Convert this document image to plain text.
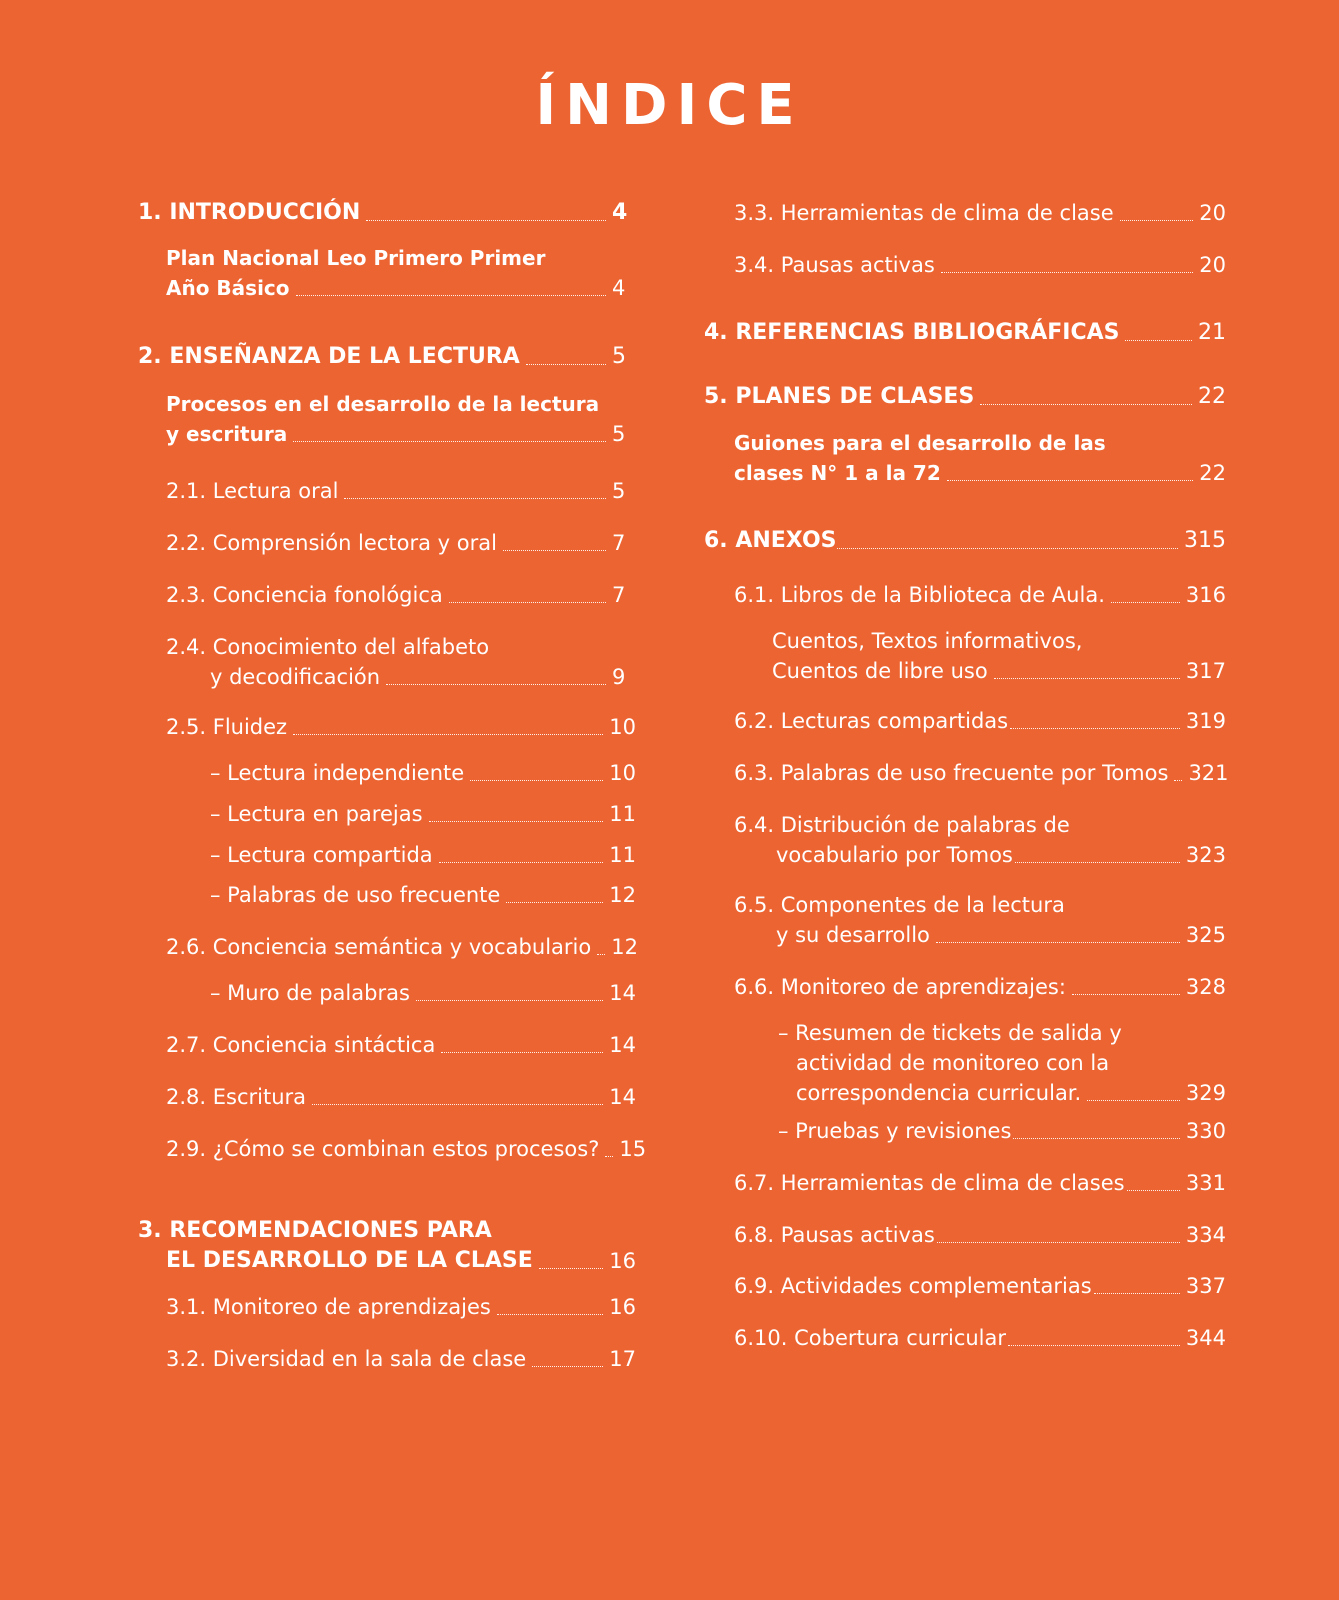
ÍNDICE
1. INTRODUCCIÓN	4
Plan Nacional Leo Primero Primer
Año Básico	4
2. ENSEÑANZA DE LA LECTURA	5
Procesos en el desarrollo de la lectura
y escritura	5
2.1. Lectura oral	5
2.2. Comprensión lectora y oral	7
2.3. Conciencia fonológica	7
2.4. Conocimiento del alfabeto
y decodificación	9
2.5. Fluidez	10
– Lectura independiente	10
– Lectura en parejas	11
– Lectura compartida	11
– Palabras de uso frecuente	12
2.6. Conciencia semántica y vocabulario 12
– Muro de palabras	14
2.7. Conciencia sintáctica	14
2.8. Escritura	14
2.9. ¿Cómo se combinan estos procesos? 15
3. RECOMENDACIONES PARA
EL DESARROLLO DE LA CLASE	16
3.1. Monitoreo de aprendizajes	16
3.2. Diversidad en la sala de clase	17
3.3. Herramientas de clima de clase	20
3.4. Pausas activas	20
4. REFERENCIAS BIBLIOGRÁFICAS	21
5. PLANES DE CLASES	22
Guiones para el desarrollo de las
clases N° 1 a la 72	22
6. ANEXOS	315
6.1. Libros de la Biblioteca de Aula.	316
Cuentos, Textos informativos,
Cuentos de libre uso	317
6.2. Lecturas compartidas	319
6.3. Palabras de uso frecuente por Tomos 321
6.4. Distribución de palabras de
vocabulario por Tomos	323
6.5. Componentes de la lectura
y su desarrollo	325
6.6. Monitoreo de aprendizajes:	328
– Resumen de tickets de salida y
actividad de monitoreo con la
correspondencia curricular.	329
– Pruebas y revisiones	330
6.7. Herramientas de clima de clases	331
6.8. Pausas activas	334
6.9. Actividades complementarias	337
6.10. Cobertura curricular	344
